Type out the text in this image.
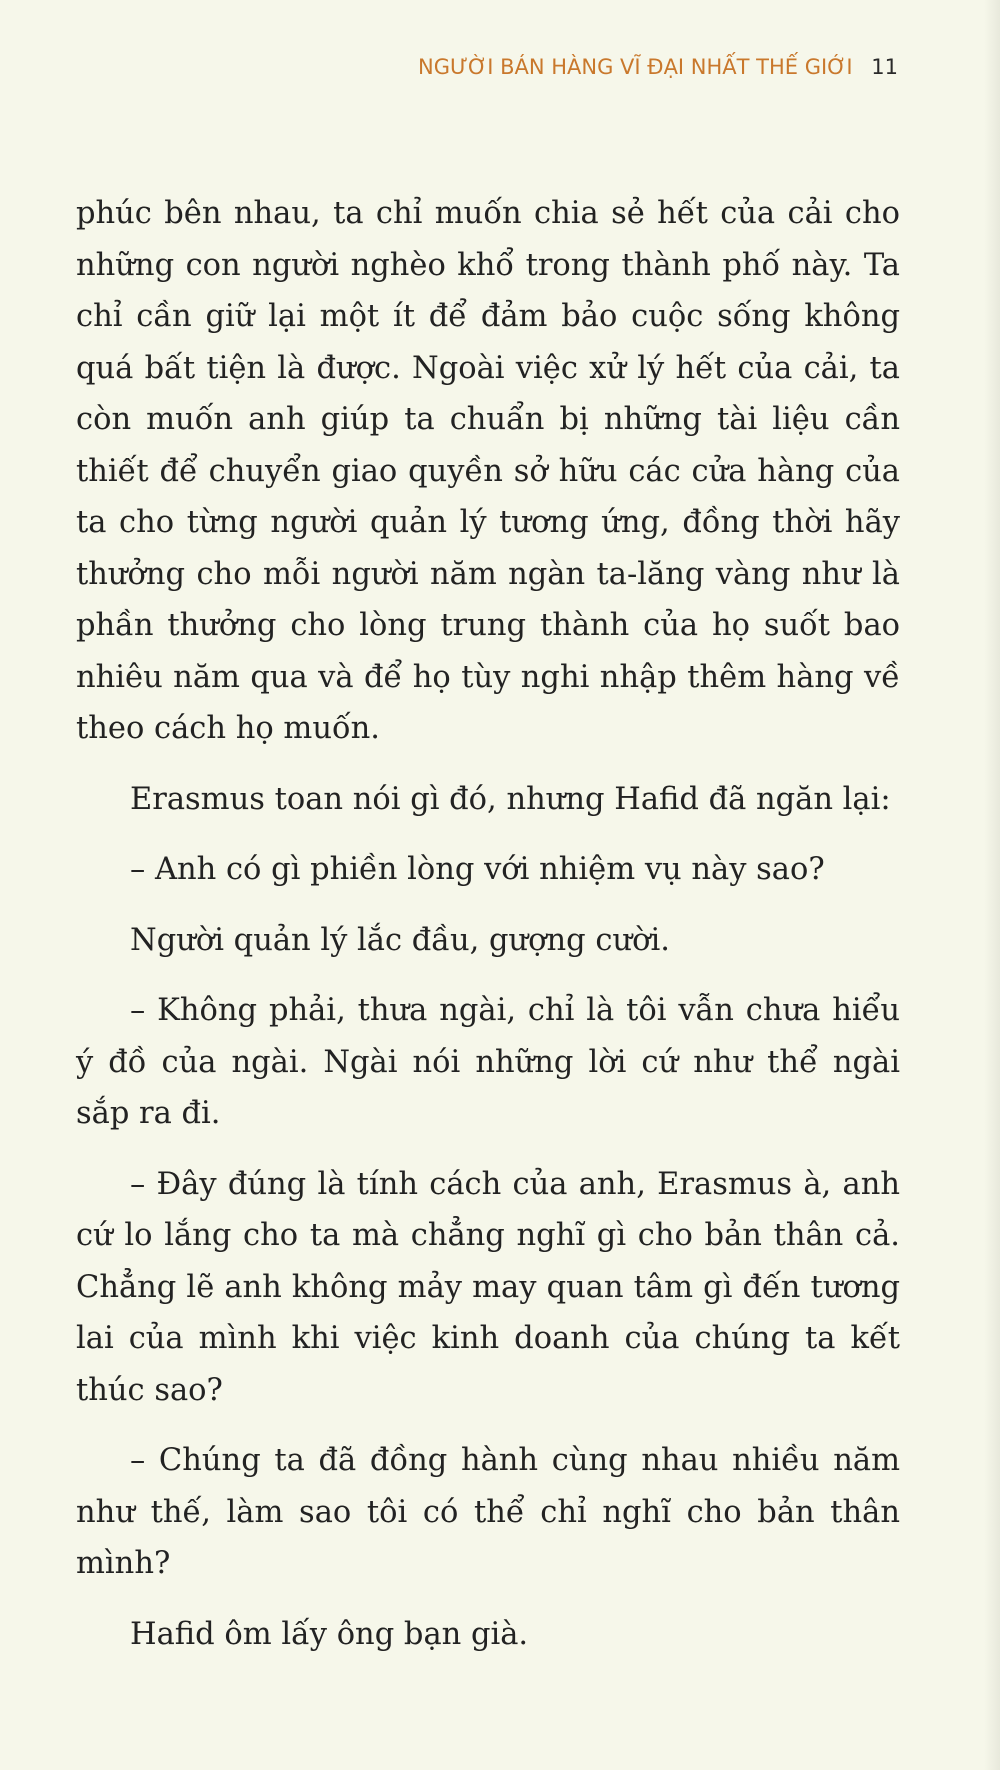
NGƯỜI BÁN HÀNG VĨ ĐẠI NHẤT THẾ GIỚI 11

phúc bên nhau, ta chỉ muốn chia sẻ hết của cải cho những con người nghèo khổ trong thành phố này. Ta chỉ cần giữ lại một ít để đảm bảo cuộc sống không quá bất tiện là được. Ngoài việc xử lý hết của cải, ta còn muốn anh giúp ta chuẩn bị những tài liệu cần thiết để chuyển giao quyền sở hữu các cửa hàng của ta cho từng người quản lý tương ứng, đồng thời hãy thưởng cho mỗi người năm ngàn ta-lăng vàng như là phần thưởng cho lòng trung thành của họ suốt bao nhiêu năm qua và để họ tùy nghi nhập thêm hàng về theo cách họ muốn.

Erasmus toan nói gì đó, nhưng Hafid đã ngăn lại:

– Anh có gì phiền lòng với nhiệm vụ này sao?

Người quản lý lắc đầu, gượng cười.

– Không phải, thưa ngài, chỉ là tôi vẫn chưa hiểu ý đồ của ngài. Ngài nói những lời cứ như thể ngài sắp ra đi.

– Đây đúng là tính cách của anh, Erasmus à, anh cứ lo lắng cho ta mà chẳng nghĩ gì cho bản thân cả. Chẳng lẽ anh không mảy may quan tâm gì đến tương lai của mình khi việc kinh doanh của chúng ta kết thúc sao?

– Chúng ta đã đồng hành cùng nhau nhiều năm như thế, làm sao tôi có thể chỉ nghĩ cho bản thân mình?

Hafid ôm lấy ông bạn già.
